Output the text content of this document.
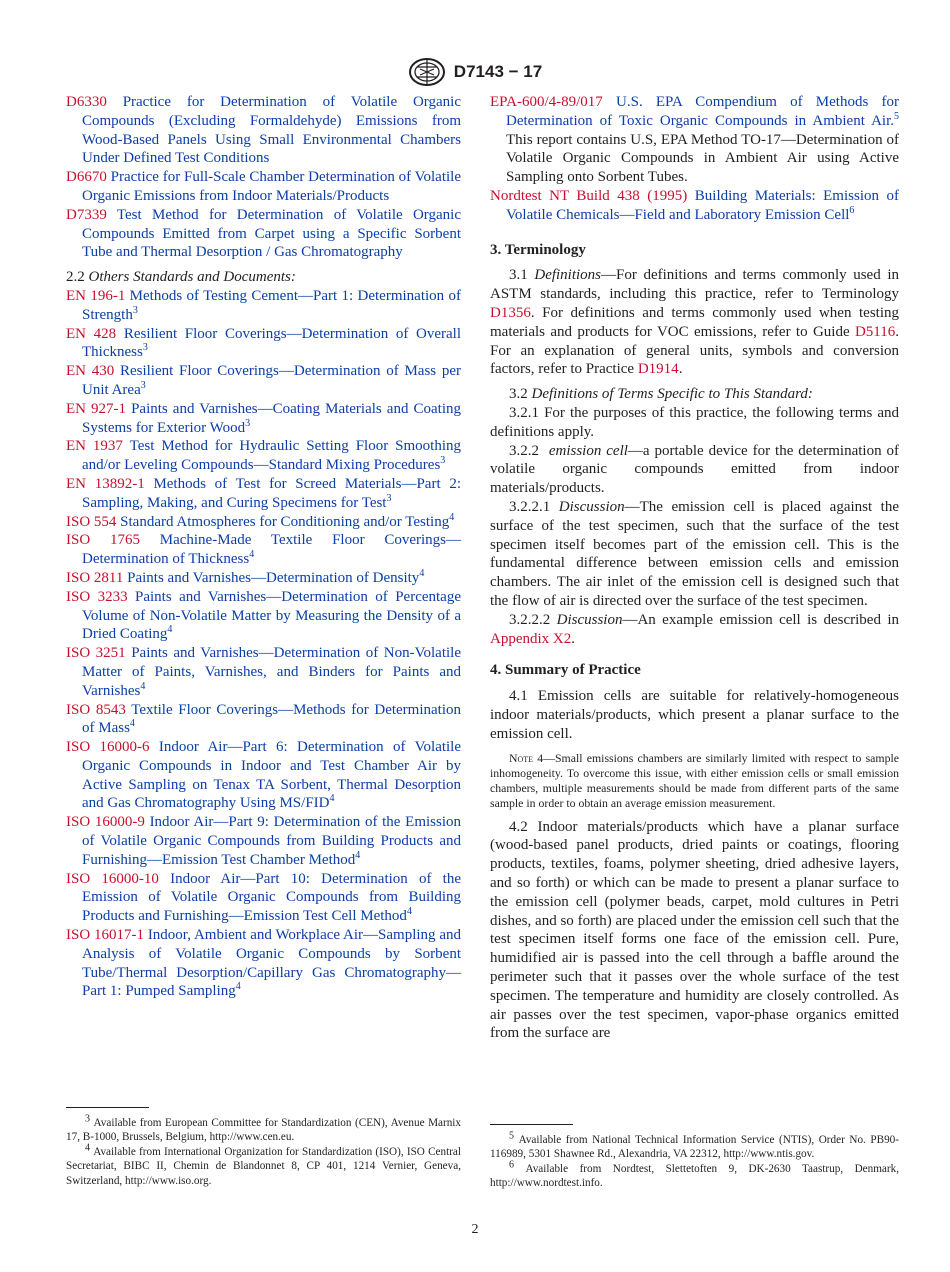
D7143 − 17
D6330 Practice for Determination of Volatile Organic Compounds (Excluding Formaldehyde) Emissions from Wood-Based Panels Using Small Environmental Chambers Under Defined Test Conditions
D6670 Practice for Full-Scale Chamber Determination of Volatile Organic Emissions from Indoor Materials/Products
D7339 Test Method for Determination of Volatile Organic Compounds Emitted from Carpet using a Specific Sorbent Tube and Thermal Desorption / Gas Chromatography
2.2 Others Standards and Documents:
EN 196-1 Methods of Testing Cement—Part 1: Determination of Strength$^3$
EN 428 Resilient Floor Coverings—Determination of Overall Thickness$^3$
EN 430 Resilient Floor Coverings—Determination of Mass per Unit Area$^3$
EN 927-1 Paints and Varnishes—Coating Materials and Coating Systems for Exterior Wood$^3$
EN 1937 Test Method for Hydraulic Setting Floor Smoothing and/or Leveling Compounds—Standard Mixing Procedures$^3$
EN 13892-1 Methods of Test for Screed Materials—Part 2: Sampling, Making, and Curing Specimens for Test$^3$
ISO 554 Standard Atmospheres for Conditioning and/or Testing$^4$
ISO 1765 Machine-Made Textile Floor Coverings—Determination of Thickness$^4$
ISO 2811 Paints and Varnishes—Determination of Density$^4$
ISO 3233 Paints and Varnishes—Determination of Percentage Volume of Non-Volatile Matter by Measuring the Density of a Dried Coating$^4$
ISO 3251 Paints and Varnishes—Determination of Non-Volatile Matter of Paints, Varnishes, and Binders for Paints and Varnishes$^4$
ISO 8543 Textile Floor Coverings—Methods for Determination of Mass$^4$
ISO 16000-6 Indoor Air—Part 6: Determination of Volatile Organic Compounds in Indoor and Test Chamber Air by Active Sampling on Tenax TA Sorbent, Thermal Desorption and Gas Chromatography Using MS/FID$^4$
ISO 16000-9 Indoor Air—Part 9: Determination of the Emission of Volatile Organic Compounds from Building Products and Furnishing—Emission Test Chamber Method$^4$
ISO 16000-10 Indoor Air—Part 10: Determination of the Emission of Volatile Organic Compounds from Building Products and Furnishing—Emission Test Cell Method$^4$
ISO 16017-1 Indoor, Ambient and Workplace Air—Sampling and Analysis of Volatile Organic Compounds by Sorbent Tube/Thermal Desorption/Capillary Gas Chromatography—Part 1: Pumped Sampling$^4$
EPA-600/4-89/017 U.S. EPA Compendium of Methods for Determination of Toxic Organic Compounds in Ambient Air.$^5$ This report contains U.S, EPA Method TO-17—Determination of Volatile Organic Compounds in Ambient Air using Active Sampling onto Sorbent Tubes.
Nordtest NT Build 438 (1995) Building Materials: Emission of Volatile Chemicals—Field and Laboratory Emission Cell$^6$
3. Terminology
3.1 Definitions—For definitions and terms commonly used in ASTM standards, including this practice, refer to Terminology D1356. For definitions and terms commonly used when testing materials and products for VOC emissions, refer to Guide D5116. For an explanation of general units, symbols and conversion factors, refer to Practice D1914.
3.2 Definitions of Terms Specific to This Standard:
3.2.1 For the purposes of this practice, the following terms and definitions apply.
3.2.2 emission cell—a portable device for the determination of volatile organic compounds emitted from indoor materials/products.
3.2.2.1 Discussion—The emission cell is placed against the surface of the test specimen, such that the surface of the test specimen itself becomes part of the emission cell. This is the fundamental difference between emission cells and emission chambers. The air inlet of the emission cell is designed such that the flow of air is directed over the surface of the test specimen.
3.2.2.2 Discussion—An example emission cell is described in Appendix X2.
4. Summary of Practice
4.1 Emission cells are suitable for relatively-homogeneous indoor materials/products, which present a planar surface to the emission cell.
Note 4—Small emissions chambers are similarly limited with respect to sample inhomogeneity. To overcome this issue, with either emission cells or small emission chambers, multiple measurements should be made from different parts of the same sample in order to obtain an average emission measurement.
4.2 Indoor materials/products which have a planar surface (wood-based panel products, dried paints or coatings, flooring products, textiles, foams, polymer sheeting, dried adhesive layers, and so forth) or which can be made to present a planar surface to the emission cell (polymer beads, carpet, mold cultures in Petri dishes, and so forth) are placed under the emission cell such that the test specimen itself forms one face of the emission cell. Pure, humidified air is passed into the cell through a baffle around the perimeter such that it passes over the whole surface of the test specimen. The temperature and humidity are closely controlled. As air passes over the test specimen, vapor-phase organics emitted from the surface are
$^3$ Available from European Committee for Standardization (CEN), Avenue Marnix 17, B-1000, Brussels, Belgium, http://www.cen.eu.
$^4$ Available from International Organization for Standardization (ISO), ISO Central Secretariat, BIBC II, Chemin de Blandonnet 8, CP 401, 1214 Vernier, Geneva, Switzerland, http://www.iso.org.
$^5$ Available from National Technical Information Service (NTIS), Order No. PB90-116989, 5301 Shawnee Rd., Alexandria, VA 22312, http://www.ntis.gov.
$^6$ Available from Nordtest, Slettetoften 9, DK-2630 Taastrup, Denmark, http://www.nordtest.info.
2
